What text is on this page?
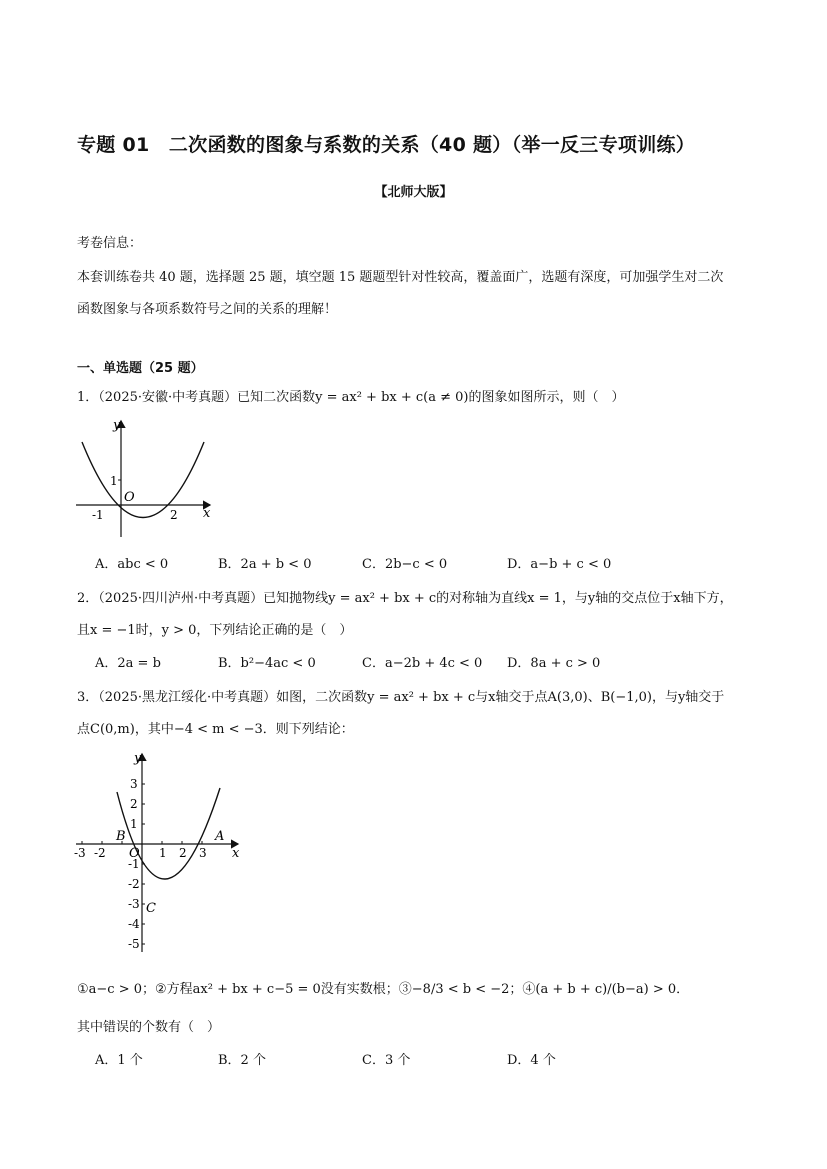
专题 01　二次函数的图象与系数的关系（40 题）（举一反三专项训练）
【北师大版】
考卷信息：
本套训练卷共 40 题，选择题 25 题，填空题 15 题题型针对性较高，覆盖面广，选题有深度，可加强学生对二次
函数图象与各项系数符号之间的关系的理解！
一、单选题（25 题）
1．（2025·安徽·中考真题）已知二次函数y = ax² + bx + c(a ≠ 0)的图象如图所示，则（　）
y
x
O
-1	2
1
A．abc < 0	B．2a + b < 0	C．2b−c < 0	D．a−b + c < 0
2．（2025·四川泸州·中考真题）已知抛物线y = ax² + bx + c的对称轴为直线x = 1，与y轴的交点位于x轴下方，
且x = −1时，y > 0，下列结论正确的是（　）
A．2a = b	B．b²−4ac < 0	C．a−2b + 4c < 0 D．8a + c > 0
3．（2025·黑龙江绥化·中考真题）如图，二次函数y = ax² + bx + c与x轴交于点A(3,0)、B(−1,0)，与y轴交于
点C(0,m)，其中−4 < m < −3．则下列结论：
y
x
O
A
B
C
-3 -2	1 2 3
3
2
1
-1
-2
-3
-4
-5
①a−c > 0；②方程ax² + bx + c−5 = 0没有实数根；③−8/3 < b < −2；④(a + b + c)/(b−a) > 0．
其中错误的个数有（　）
A．1 个	B．2 个	C．3 个	D．4 个
